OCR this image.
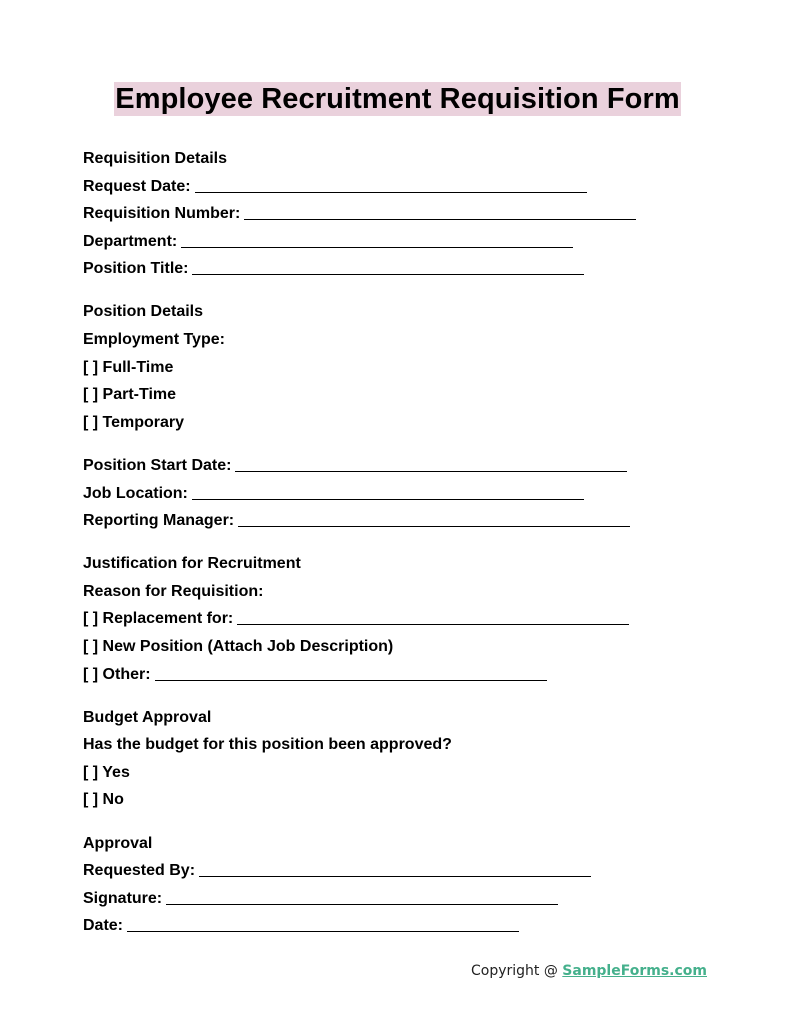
Employee Recruitment Requisition Form
Requisition Details
Request Date:
Requisition Number:
Department:
Position Title:
Position Details
Employment Type:
[ ] Full-Time
[ ] Part-Time
[ ] Temporary
Position Start Date:
Job Location:
Reporting Manager:
Justification for Recruitment
Reason for Requisition:
[ ] Replacement for:
[ ] New Position (Attach Job Description)
[ ] Other:
Budget Approval
Has the budget for this position been approved?
[ ] Yes
[ ] No
Approval
Requested By:
Signature:
Date:
Copyright @ SampleForms.com
